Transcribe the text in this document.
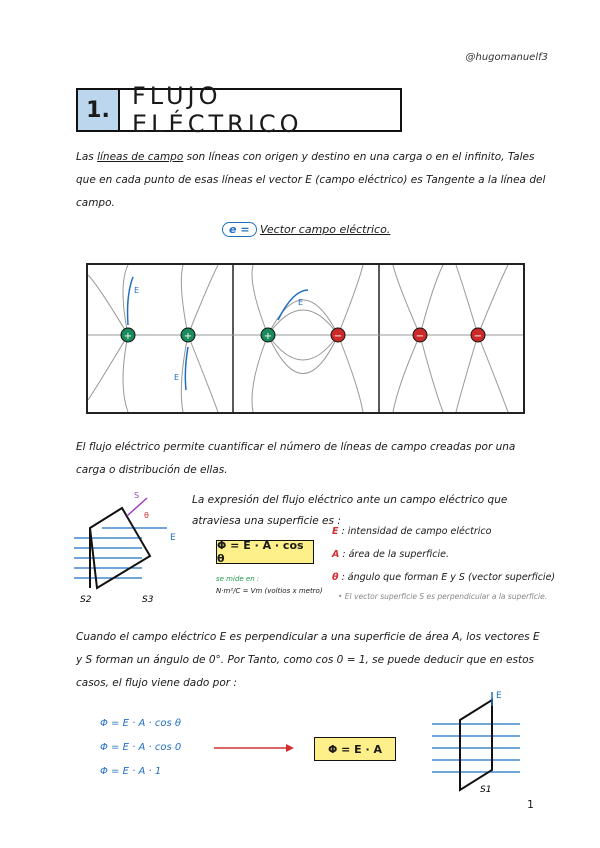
@hugomanuelf3
1. FLUJO ELÉCTRICO
Las líneas de campo son líneas con origen y destino en una carga o en el infinito, Tales que en cada punto de esas líneas el vector E (campo eléctrico) es Tangente a la línea del campo.
e = Vector campo eléctrico.
E
E
E
+	+	+	−	−	−
El flujo eléctrico permite cuantificar el número de líneas de campo creadas por una carga o distribución de ellas.
S
θ
E
S2	S3
La expresión del flujo eléctrico ante un campo eléctrico que atraviesa una superficie es :
Φ = E · A · cos θ
E : intensidad de campo eléctrico
A : área de la superficie.
θ : ángulo que forman E y S (vector superficie)
se mide en :
N·m²/C = Vm (voltios x metro)
• El vector superficie S es perpendicular a la superficie.
Cuando el campo eléctrico E es perpendicular a una superficie de área A, los vectores E y S forman un ángulo de 0°. Por Tanto, como cos 0 = 1, se puede deducir que en estos casos, el flujo viene dado por :
Φ = E · A · cos θ
Φ = E · A · cos 0
Φ = E · A · 1
Φ = E · A
E
S1
1
